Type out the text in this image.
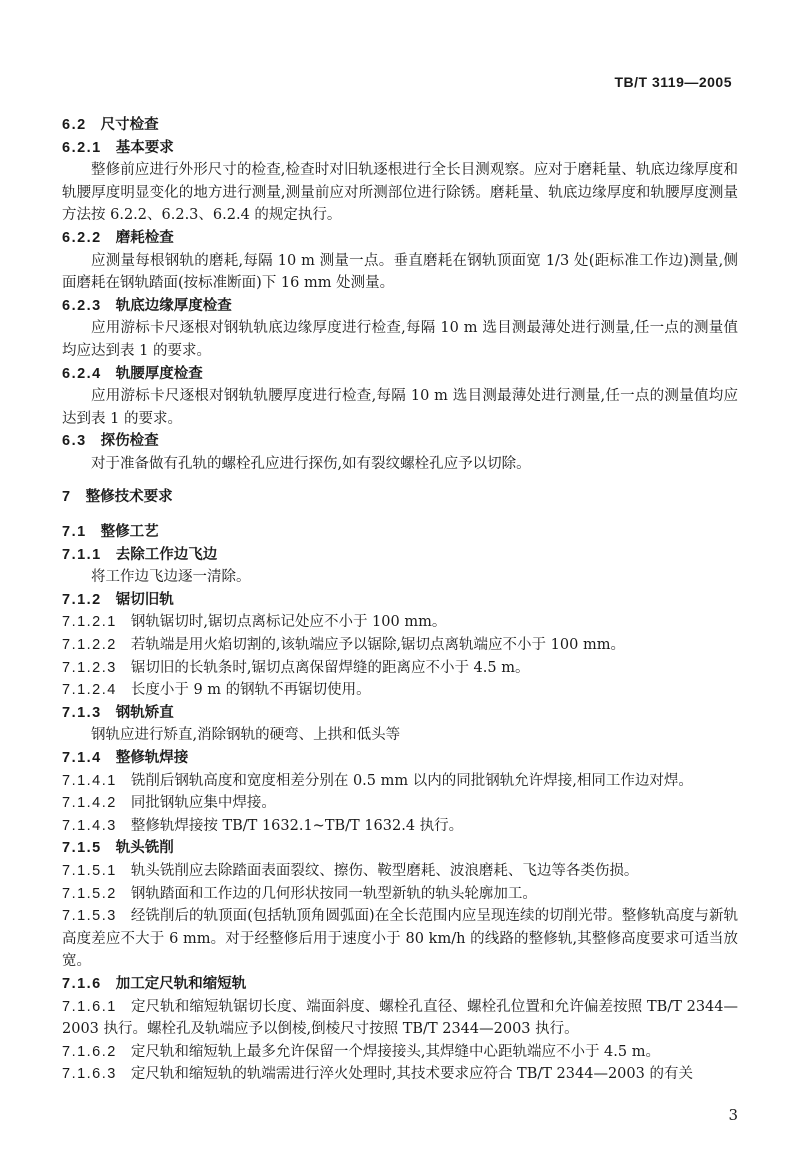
TB/T 3119—2005
6.2 尺寸检查
6.2.1 基本要求
整修前应进行外形尺寸的检查,检查时对旧轨逐根进行全长目测观察。应对于磨耗量、轨底边缘厚度和轨腰厚度明显变化的地方进行测量,测量前应对所测部位进行除锈。磨耗量、轨底边缘厚度和轨腰厚度测量方法按 6.2.2、6.2.3、6.2.4 的规定执行。
6.2.2 磨耗检查
应测量每根钢轨的磨耗,每隔 10 m 测量一点。垂直磨耗在钢轨顶面宽 1/3 处(距标准工作边)测量,侧面磨耗在钢轨踏面(按标准断面)下 16 mm 处测量。
6.2.3 轨底边缘厚度检查
应用游标卡尺逐根对钢轨轨底边缘厚度进行检查,每隔 10 m 选目测最薄处进行测量,任一点的测量值均应达到表 1 的要求。
6.2.4 轨腰厚度检查
应用游标卡尺逐根对钢轨轨腰厚度进行检查,每隔 10 m 选目测最薄处进行测量,任一点的测量值均应达到表 1 的要求。
6.3 探伤检查
对于准备做有孔轨的螺栓孔应进行探伤,如有裂纹螺栓孔应予以切除。
7 整修技术要求
7.1 整修工艺
7.1.1 去除工作边飞边
将工作边飞边逐一清除。
7.1.2 锯切旧轨
7.1.2.1 钢轨锯切时,锯切点离标记处应不小于 100 mm。
7.1.2.2 若轨端是用火焰切割的,该轨端应予以锯除,锯切点离轨端应不小于 100 mm。
7.1.2.3 锯切旧的长轨条时,锯切点离保留焊缝的距离应不小于 4.5 m。
7.1.2.4 长度小于 9 m 的钢轨不再锯切使用。
7.1.3 钢轨矫直
钢轨应进行矫直,消除钢轨的硬弯、上拱和低头等
7.1.4 整修轨焊接
7.1.4.1 铣削后钢轨高度和宽度相差分别在 0.5 mm 以内的同批钢轨允许焊接,相同工作边对焊。
7.1.4.2 同批钢轨应集中焊接。
7.1.4.3 整修轨焊接按 TB/T 1632.1~TB/T 1632.4 执行。
7.1.5 轨头铣削
7.1.5.1 轨头铣削应去除踏面表面裂纹、擦伤、鞍型磨耗、波浪磨耗、飞边等各类伤损。
7.1.5.2 钢轨踏面和工作边的几何形状按同一轨型新轨的轨头轮廓加工。
7.1.5.3 经铣削后的轨顶面(包括轨顶角圆弧面)在全长范围内应呈现连续的切削光带。整修轨高度与新轨高度差应不大于 6 mm。对于经整修后用于速度小于 80 km/h 的线路的整修轨,其整修高度要求可适当放宽。
7.1.6 加工定尺轨和缩短轨
7.1.6.1 定尺轨和缩短轨锯切长度、端面斜度、螺栓孔直径、螺栓孔位置和允许偏差按照 TB/T 2344—2003 执行。螺栓孔及轨端应予以倒棱,倒棱尺寸按照 TB/T 2344—2003 执行。
7.1.6.2 定尺轨和缩短轨上最多允许保留一个焊接接头,其焊缝中心距轨端应不小于 4.5 m。
7.1.6.3 定尺轨和缩短轨的轨端需进行淬火处理时,其技术要求应符合 TB/T 2344—2003 的有关
3
